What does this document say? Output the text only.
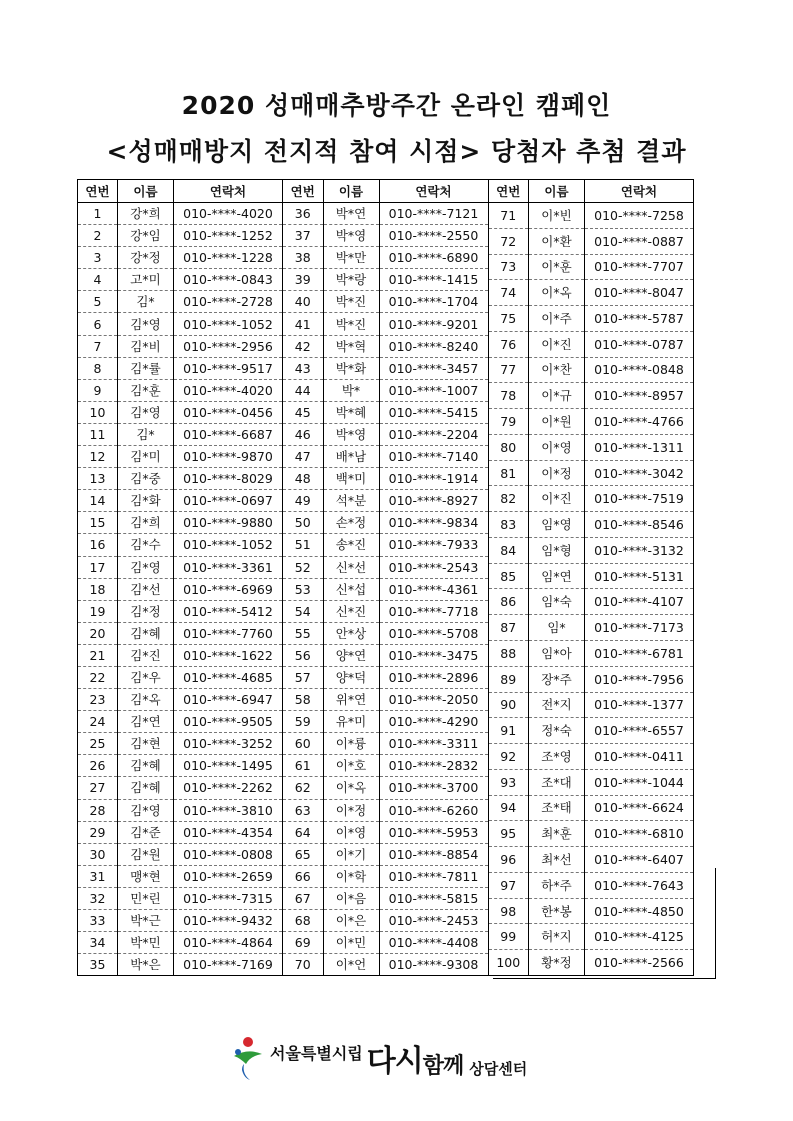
2020 성매매추방주간 온라인 캠페인
<성매매방지 전지적 참여 시점> 당첨자 추첨 결과
연번	이름	연락처
1	강*희	010-****-4020
2	강*임	010-****-1252
3	강*정	010-****-1228
4	고*미	010-****-0843
5	김*	010-****-2728
6	김*영	010-****-1052
7	김*비	010-****-2956
8	김*률	010-****-9517
9	김*훈	010-****-4020
10	김*영	010-****-0456
11	김*	010-****-6687
12	김*미	010-****-9870
13	김*중	010-****-8029
14	김*화	010-****-0697
15	김*희	010-****-9880
16	김*수	010-****-1052
17	김*영	010-****-3361
18	김*선	010-****-6969
19	김*정	010-****-5412
20	김*혜	010-****-7760
21	김*진	010-****-1622
22	김*우	010-****-4685
23	김*옥	010-****-6947
24	김*연	010-****-9505
25	김*현	010-****-3252
26	김*혜	010-****-1495
27	김*혜	010-****-2262
28	김*영	010-****-3810
29	김*준	010-****-4354
30	김*원	010-****-0808
31	맹*현	010-****-2659
32	민*린	010-****-7315
33	박*근	010-****-9432
34	박*민	010-****-4864
35	박*은	010-****-7169
연번	이름	연락처
36	박*연	010-****-7121
37	박*영	010-****-2550
38	박*만	010-****-6890
39	박*랑	010-****-1415
40	박*진	010-****-1704
41	박*진	010-****-9201
42	박*혁	010-****-8240
43	박*화	010-****-3457
44	박*	010-****-1007
45	박*혜	010-****-5415
46	박*영	010-****-2204
47	배*남	010-****-7140
48	백*미	010-****-1914
49	석*분	010-****-8927
50	손*정	010-****-9834
51	송*진	010-****-7933
52	신*선	010-****-2543
53	신*섭	010-****-4361
54	신*진	010-****-7718
55	안*상	010-****-5708
56	양*연	010-****-3475
57	양*덕	010-****-2896
58	위*연	010-****-2050
59	유*미	010-****-4290
60	이*륭	010-****-3311
61	이*호	010-****-2832
62	이*옥	010-****-3700
63	이*정	010-****-6260
64	이*영	010-****-5953
65	이*기	010-****-8854
66	이*학	010-****-7811
67	이*음	010-****-5815
68	이*은	010-****-2453
69	이*민	010-****-4408
70	이*언	010-****-9308
연번	이름	연락처
71	이*빈	010-****-7258
72	이*환	010-****-0887
73	이*훈	010-****-7707
74	이*옥	010-****-8047
75	이*주	010-****-5787
76	이*진	010-****-0787
77	이*찬	010-****-0848
78	이*규	010-****-8957
79	이*원	010-****-4766
80	이*영	010-****-1311
81	이*정	010-****-3042
82	이*진	010-****-7519
83	임*영	010-****-8546
84	임*형	010-****-3132
85	임*연	010-****-5131
86	임*숙	010-****-4107
87	임*	010-****-7173
88	임*아	010-****-6781
89	장*주	010-****-7956
90	전*지	010-****-1377
91	정*숙	010-****-6557
92	조*영	010-****-0411
93	조*대	010-****-1044
94	조*태	010-****-6624
95	최*훈	010-****-6810
96	최*선	010-****-6407
97	하*주	010-****-7643
98	한*봉	010-****-4850
99	허*지	010-****-4125
100	황*정	010-****-2566
서울특별시립 다시 함께 상담센터
